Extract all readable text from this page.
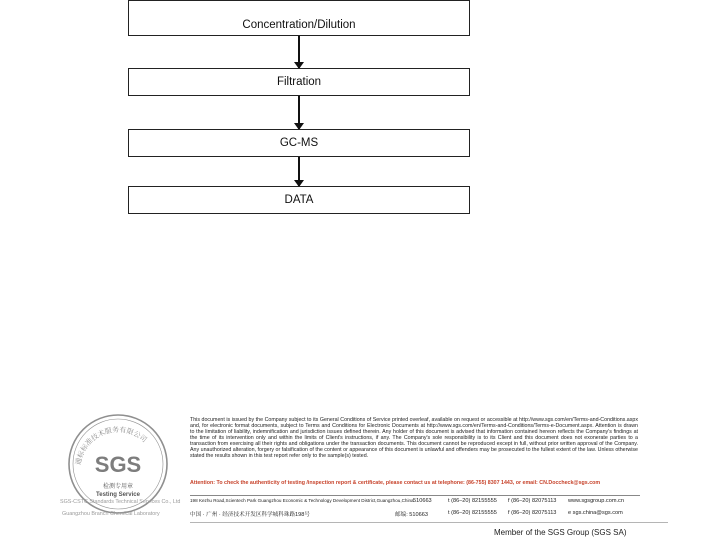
Concentration/Dilution
Filtration
GC-MS
DATA
通标标准技术服务有限公司
SGS
检测专用章
Testing Service
SGS-CSTC Standards Technical Services Co., Ltd
Guangzhou Branch Chemical Laboratory
This document is issued by the Company subject to its General Conditions of Service printed overleaf, available on request or accessible at http://www.sgs.com/en/Terms-and-Conditions.aspx and, for electronic format documents, subject to Terms and Conditions for Electronic Documents at http://www.sgs.com/en/Terms-and-Conditions/Terms-e-Document.aspx. Attention is drawn to the limitation of liability, indemnification and jurisdiction issues defined therein. Any holder of this document is advised that information contained hereon reflects the Company's findings at the time of its intervention only and within the limits of Client's instructions, if any. The Company's sole responsibility is to its Client and this document does not exonerate parties to a transaction from exercising all their rights and obligations under the transaction documents. This document cannot be reproduced except in full, without prior written approval of the Company. Any unauthorized alteration, forgery or falsification of the content or appearance of this document is unlawful and offenders may be prosecuted to the fullest extent of the law. Unless otherwise stated the results shown in this test report refer only to the sample(s) tested.
Attention: To check the authenticity of testing /inspection report & certificate, please contact us at telephone: (86-755) 8307 1443, or email: CN.Doccheck@sgs.com
198 Kezhu Road,Scientech Park Guangzhou Economic & Technology Development District,Guangzhou,China 510663	t (86–20) 82155555 f (86–20) 82075113 www.sgsgroup.com.cn
中国 · 广州 · 经济技术开发区科学城科珠路198号	邮编: 510663	t (86–20) 82155555 f (86–20) 82075113 e sgs.china@sgs.com
Member of the SGS Group (SGS SA)
